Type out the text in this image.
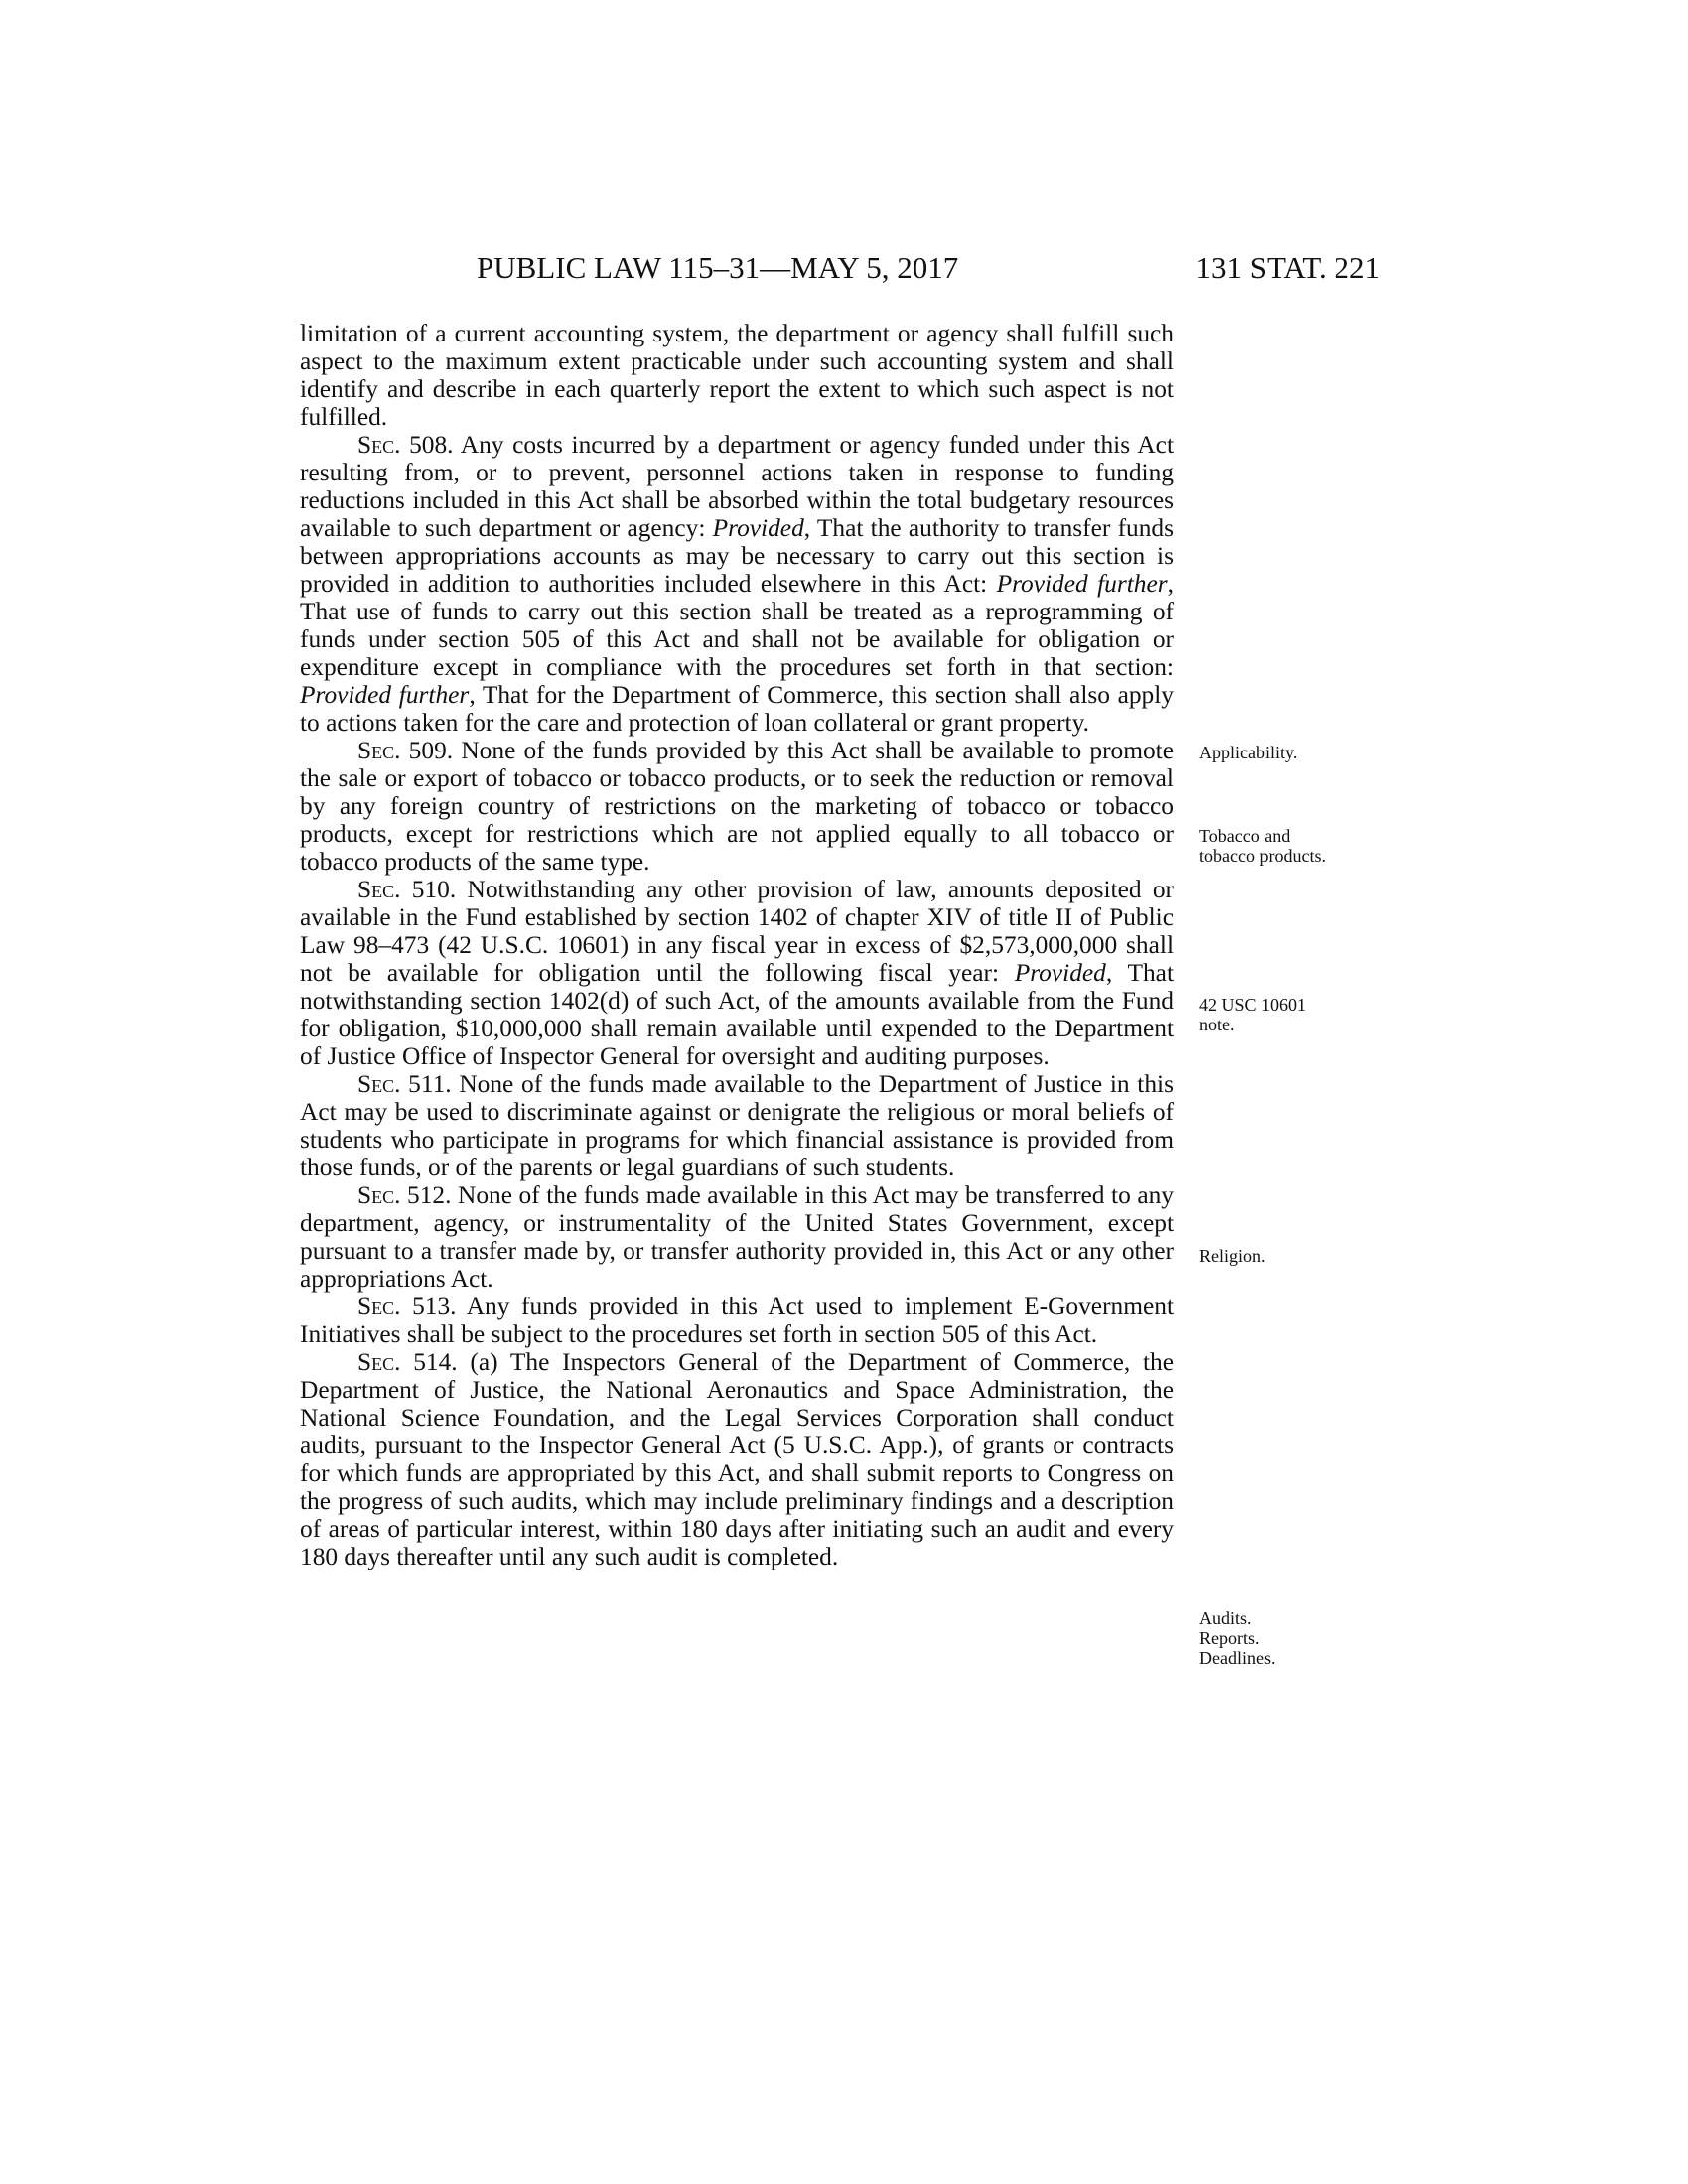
PUBLIC LAW 115–31—MAY 5, 2017	131 STAT. 221

limitation of a current accounting system, the department or agency shall fulfill such aspect to the maximum extent practicable under such accounting system and shall identify and describe in each quarterly report the extent to which such aspect is not fulfilled.

Sec. 508. Any costs incurred by a department or agency funded under this Act resulting from, or to prevent, personnel actions taken in response to funding reductions included in this Act shall be absorbed within the total budgetary resources available to such department or agency: Provided, That the authority to transfer funds between appropriations accounts as may be necessary to carry out this section is provided in addition to authorities included elsewhere in this Act: Provided further, That use of funds to carry out this section shall be treated as a reprogramming of funds under section 505 of this Act and shall not be available for obligation or expenditure except in compliance with the procedures set forth in that section: Provided further, That for the Department of Commerce, this section shall also apply to actions taken for the care and protection of loan collateral or grant property.

Sec. 509. None of the funds provided by this Act shall be available to promote the sale or export of tobacco or tobacco products, or to seek the reduction or removal by any foreign country of restrictions on the marketing of tobacco or tobacco products, except for restrictions which are not applied equally to all tobacco or tobacco products of the same type.

Sec. 510. Notwithstanding any other provision of law, amounts deposited or available in the Fund established by section 1402 of chapter XIV of title II of Public Law 98–473 (42 U.S.C. 10601) in any fiscal year in excess of $2,573,000,000 shall not be available for obligation until the following fiscal year: Provided, That notwithstanding section 1402(d) of such Act, of the amounts available from the Fund for obligation, $10,000,000 shall remain available until expended to the Department of Justice Office of Inspector General for oversight and auditing purposes.

Sec. 511. None of the funds made available to the Department of Justice in this Act may be used to discriminate against or denigrate the religious or moral beliefs of students who participate in programs for which financial assistance is provided from those funds, or of the parents or legal guardians of such students.

Sec. 512. None of the funds made available in this Act may be transferred to any department, agency, or instrumentality of the United States Government, except pursuant to a transfer made by, or transfer authority provided in, this Act or any other appropriations Act.

Sec. 513. Any funds provided in this Act used to implement E-Government Initiatives shall be subject to the procedures set forth in section 505 of this Act.

Sec. 514. (a) The Inspectors General of the Department of Commerce, the Department of Justice, the National Aeronautics and Space Administration, the National Science Foundation, and the Legal Services Corporation shall conduct audits, pursuant to the Inspector General Act (5 U.S.C. App.), of grants or contracts for which funds are appropriated by this Act, and shall submit reports to Congress on the progress of such audits, which may include preliminary findings and a description of areas of particular interest, within 180 days after initiating such an audit and every 180 days thereafter until any such audit is completed.

Applicability.
Tobacco and
tobacco products.
42 USC 10601
note.
Religion.
Audits.
Reports.
Deadlines.
